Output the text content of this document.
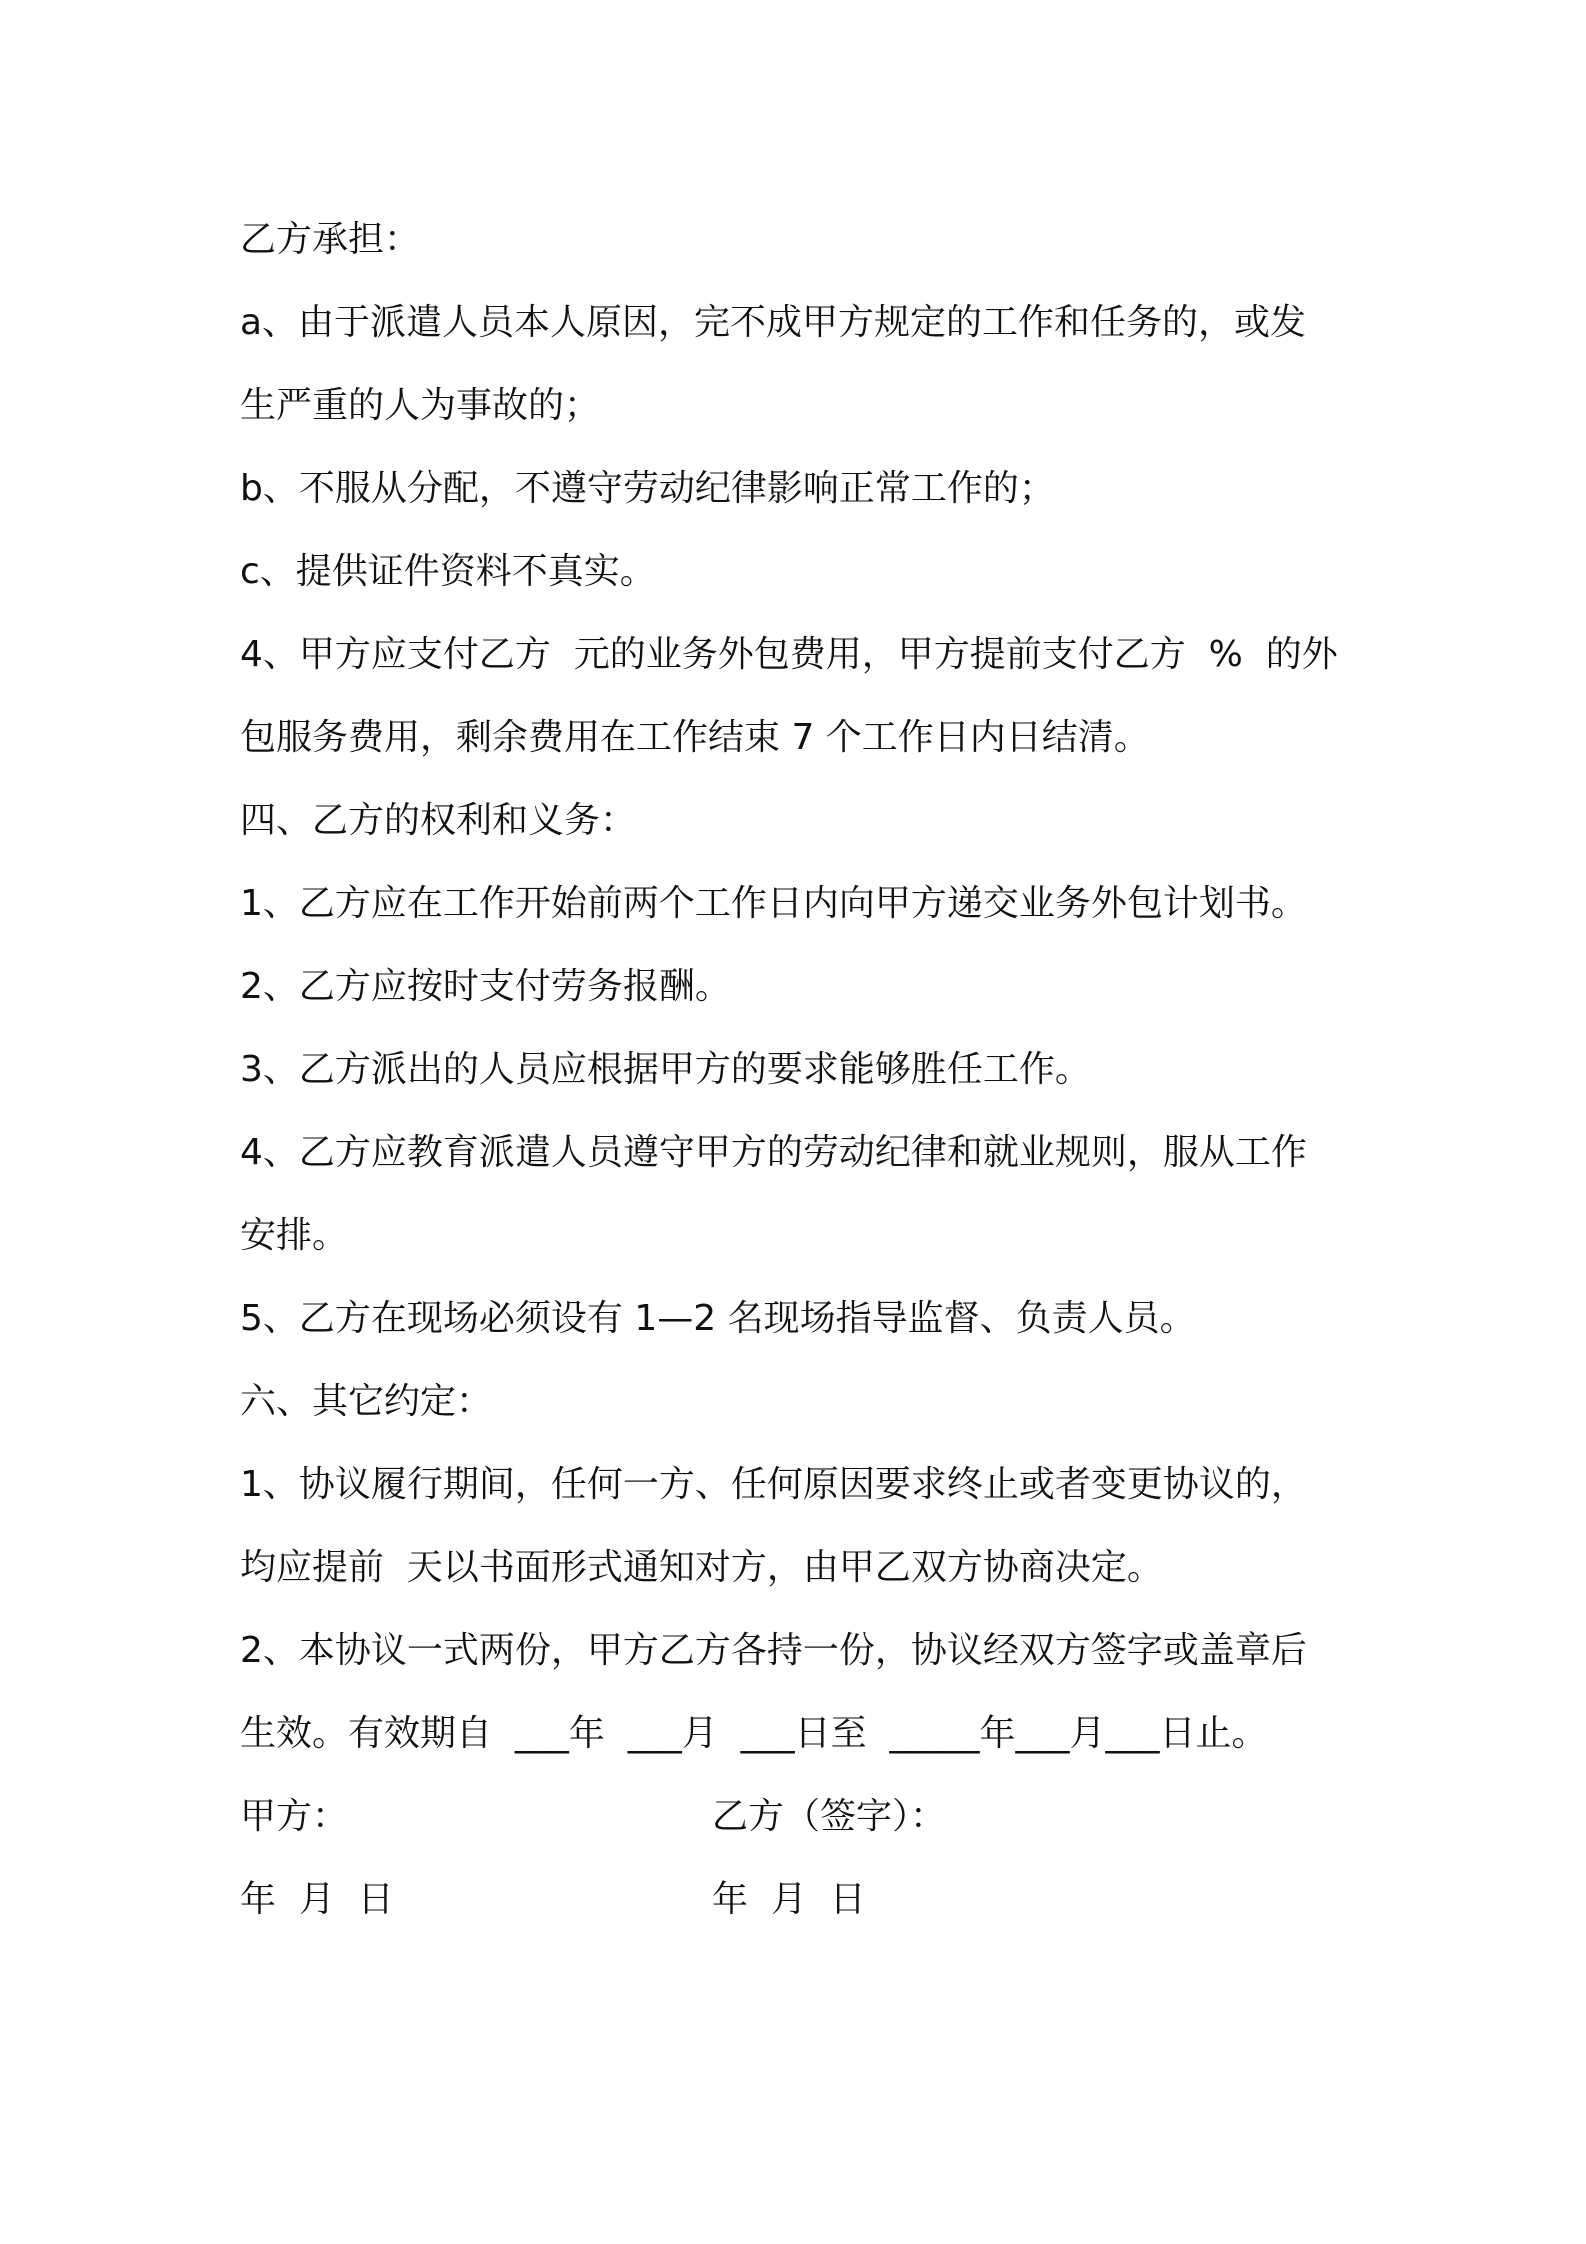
乙方承担：

a、由于派遣人员本人原因，完不成甲方规定的工作和任务的，或发

生严重的人为事故的；

b、不服从分配，不遵守劳动纪律影响正常工作的；

c、提供证件资料不真实。

4、甲方应支付乙方  元的业务外包费用，甲方提前支付乙方  %  的外

包服务费用，剩余费用在工作结束 7 个工作日内日结清。

四、乙方的权利和义务：

1、乙方应在工作开始前两个工作日内向甲方递交业务外包计划书。

2、乙方应按时支付劳务报酬。

3、乙方派出的人员应根据甲方的要求能够胜任工作。

4、乙方应教育派遣人员遵守甲方的劳动纪律和就业规则，服从工作

安排。

5、乙方在现场必须设有 1—2 名现场指导监督、负责人员。

六、其它约定：

1、协议履行期间，任何一方、任何原因要求终止或者变更协议的，

均应提前  天以书面形式通知对方，由甲乙双方协商决定。

2、本协议一式两份，甲方乙方各持一份，协议经双方签字或盖章后

生效。有效期自  ___年  ___月  ___日至  _____年___月___日止。

甲方：	乙方（签字）：
年  月  日	年  月  日
